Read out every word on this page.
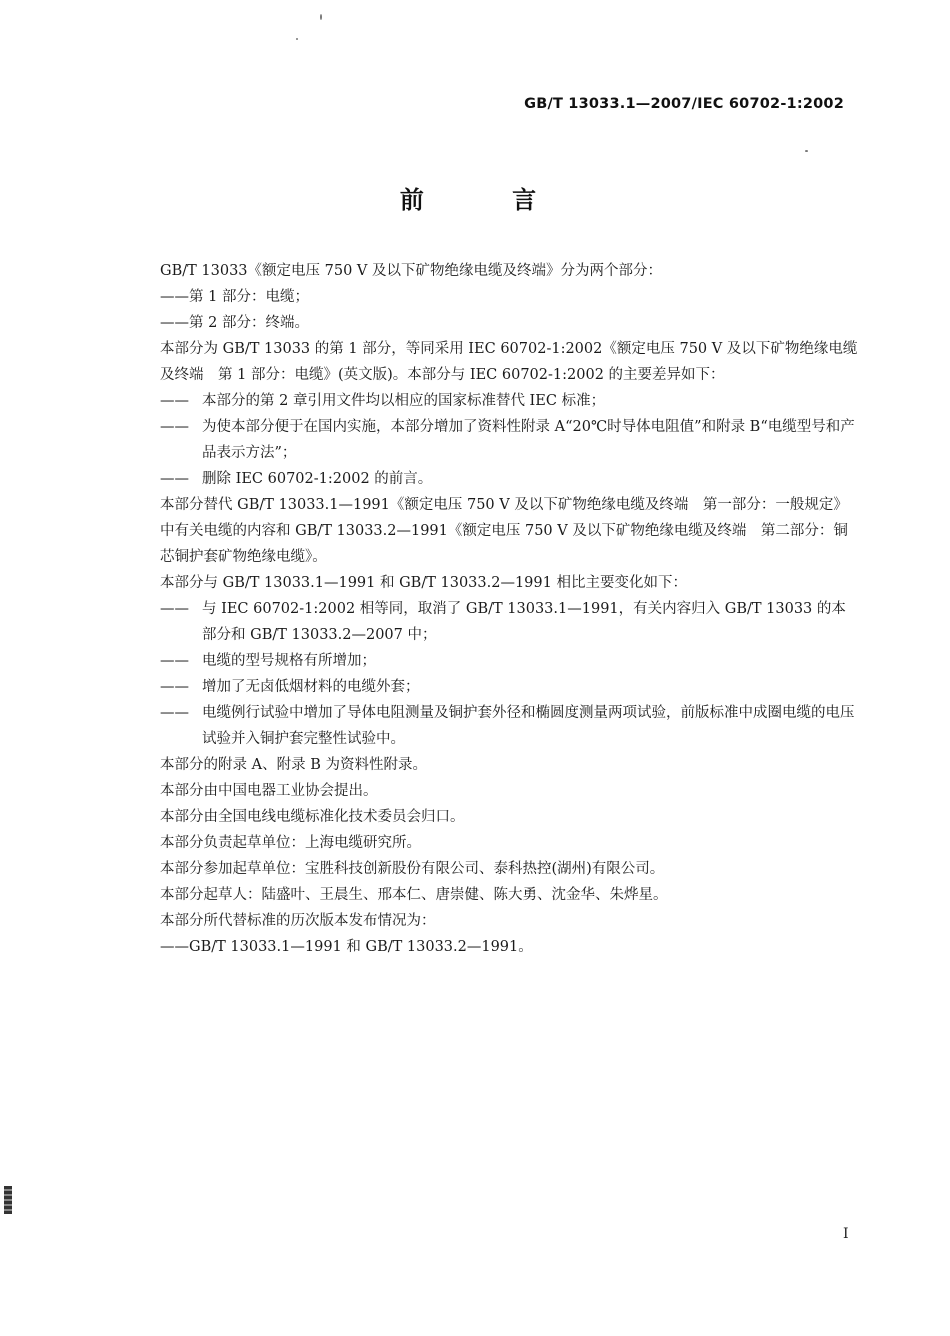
GB/T 13033.1—2007/IEC 60702-1:2002
前 言

GB/T 13033《额定电压 750 V 及以下矿物绝缘电缆及终端》分为两个部分：

——第 1 部分：电缆；

——第 2 部分：终端。

本部分为 GB/T 13033 的第 1 部分，等同采用 IEC 60702-1:2002《额定电压 750 V 及以下矿物绝缘电缆及终端　第 1 部分：电缆》(英文版)。本部分与 IEC 60702-1:2002 的主要差异如下：

—— 本部分的第 2 章引用文件均以相应的国家标准替代 IEC 标准；
—— 为使本部分便于在国内实施，本部分增加了资料性附录 A“20℃时导体电阻值”和附录 B“电缆型号和产品表示方法”；
—— 删除 IEC 60702-1:2002 的前言。

本部分替代 GB/T 13033.1—1991《额定电压 750 V 及以下矿物绝缘电缆及终端　第一部分：一般规定》中有关电缆的内容和 GB/T 13033.2—1991《额定电压 750 V 及以下矿物绝缘电缆及终端　第二部分：铜芯铜护套矿物绝缘电缆》。

本部分与 GB/T 13033.1—1991 和 GB/T 13033.2—1991 相比主要变化如下：

—— 与 IEC 60702-1:2002 相等同，取消了 GB/T 13033.1—1991，有关内容归入 GB/T 13033 的本部分和 GB/T 13033.2—2007 中；
—— 电缆的型号规格有所增加；
—— 增加了无卤低烟材料的电缆外套；
—— 电缆例行试验中增加了导体电阻测量及铜护套外径和椭圆度测量两项试验，前版标准中成圈电缆的电压试验并入铜护套完整性试验中。

本部分的附录 A、附录 B 为资料性附录。

本部分由中国电器工业协会提出。

本部分由全国电线电缆标准化技术委员会归口。

本部分负责起草单位：上海电缆研究所。

本部分参加起草单位：宝胜科技创新股份有限公司、泰科热控(湖州)有限公司。

本部分起草人：陆盛叶、王晨生、邢本仁、唐崇健、陈大勇、沈金华、朱烨星。

本部分所代替标准的历次版本发布情况为：

——GB/T 13033.1—1991 和 GB/T 13033.2—1991。

I
